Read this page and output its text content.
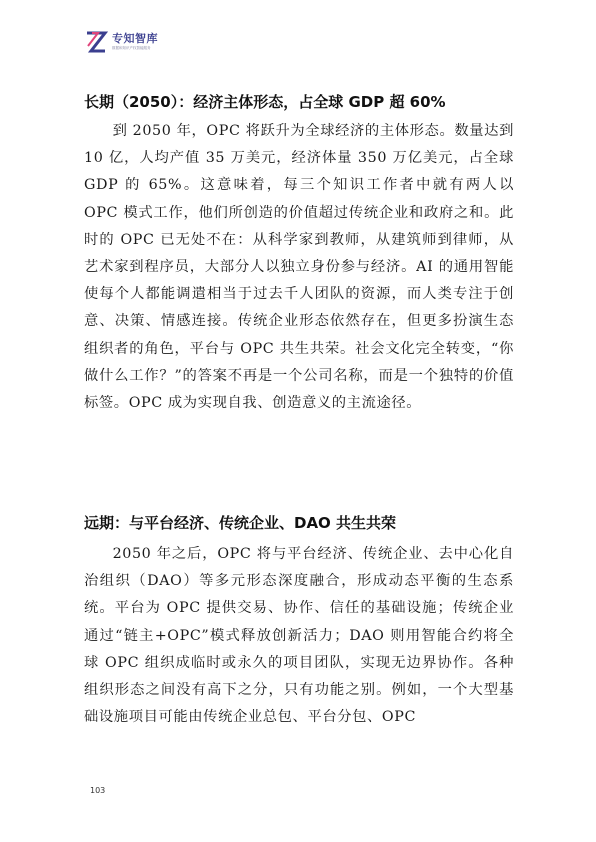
专知智库
数据和知识产权智能服务
长期（2050）：经济主体形态，占全球 GDP 超 60%

到 2050 年，OPC 将跃升为全球经济的主体形态。数量达到 10 亿，人均产值 35 万美元，经济体量 350 万亿美元，占全球 GDP 的 65%。这意味着，每三个知识工作者中就有两人以 OPC 模式工作，他们所创造的价值超过传统企业和政府之和。此时的 OPC 已无处不在：从科学家到教师，从建筑师到律师，从艺术家到程序员，大部分人以独立身份参与经济。AI 的通用智能使每个人都能调遣相当于过去千人团队的资源，而人类专注于创意、决策、情感连接。传统企业形态依然存在，但更多扮演生态组织者的角色，平台与 OPC 共生共荣。社会文化完全转变，“你做什么工作？”的答案不再是一个公司名称，而是一个独特的价值标签。OPC 成为实现自我、创造意义的主流途径。

远期：与平台经济、传统企业、DAO 共生共荣

2050 年之后，OPC 将与平台经济、传统企业、去中心化自治组织（DAO）等多元形态深度融合，形成动态平衡的生态系统。平台为 OPC 提供交易、协作、信任的基础设施；传统企业通过“链主+OPC”模式释放创新活力；DAO 则用智能合约将全球 OPC 组织成临时或永久的项目团队，实现无边界协作。各种组织形态之间没有高下之分，只有功能之别。例如，一个大型基础设施项目可能由传统企业总包、平台分包、OPC

103
